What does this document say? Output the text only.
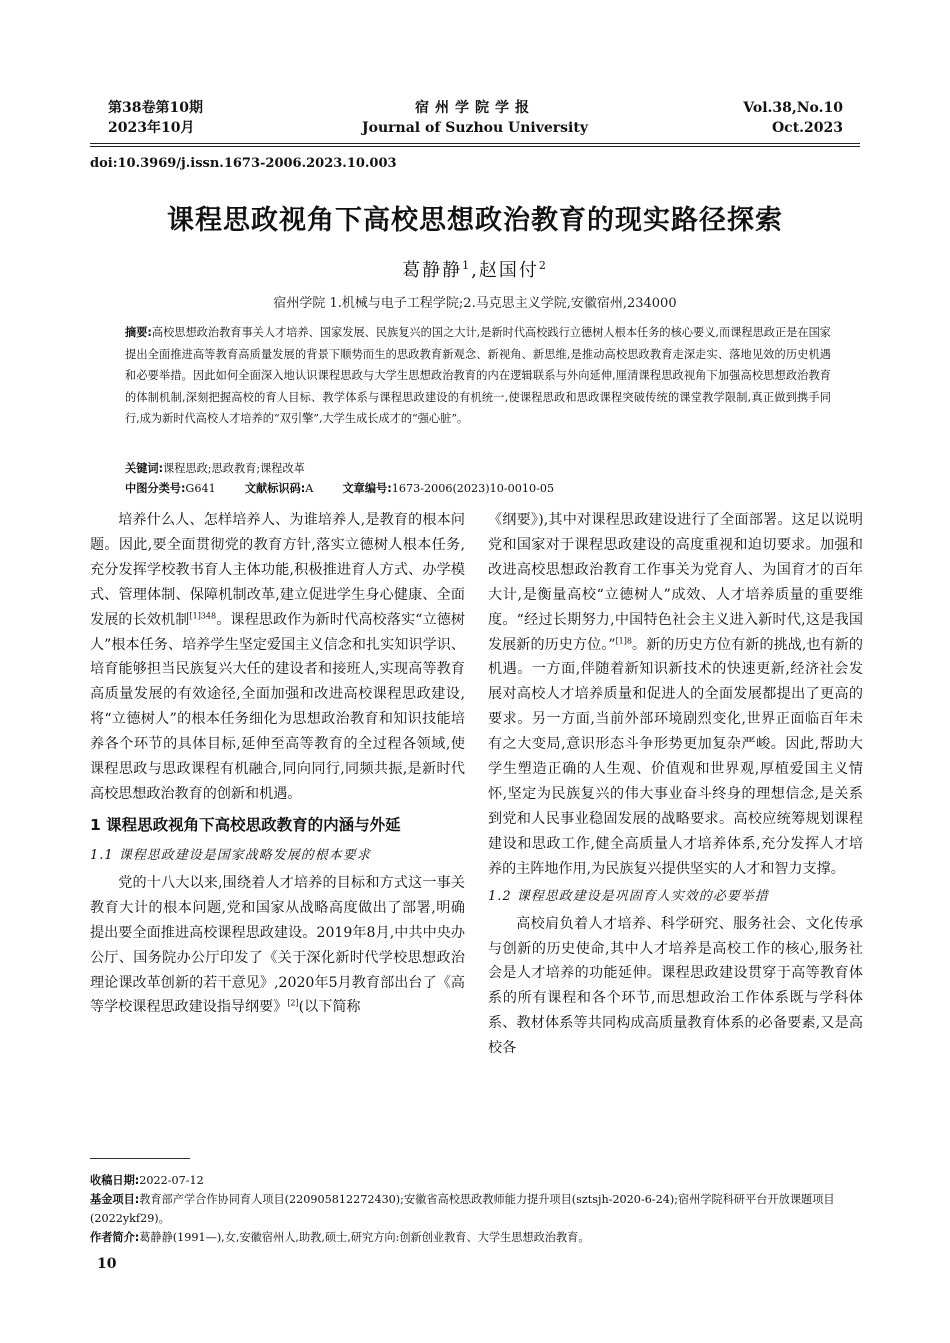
第38卷第10期
2023年10月
宿州学院学报
Journal of Suzhou University
Vol.38,No.10
Oct.2023
doi:10.3969/j.issn.1673-2006.2023.10.003
课程思政视角下高校思想政治教育的现实路径探索
葛静静$^1$,赵国付$^2$
宿州学院 1.机械与电子工程学院;2.马克思主义学院,安徽宿州,234000
摘要:高校思想政治教育事关人才培养、国家发展、民族复兴的国之大计,是新时代高校践行立德树人根本任务的核心要义,而课程思政正是在国家提出全面推进高等教育高质量发展的背景下顺势而生的思政教育新观念、新视角、新思维,是推动高校思政教育走深走实、落地见效的历史机遇和必要举措。因此如何全面深入地认识课程思政与大学生思想政治教育的内在逻辑联系与外向延伸,厘清课程思政视角下加强高校思想政治教育的体制机制,深刻把握高校的育人目标、教学体系与课程思政建设的有机统一,使课程思政和思政课程突破传统的课堂教学限制,真正做到携手同行,成为新时代高校人才培养的“双引擎”,大学生成长成才的“强心脏”。
关键词:课程思政;思政教育;课程改革
中图分类号:G641	文献标识码:A	文章编号:1673-2006(2023)10-0010-05

培养什么人、怎样培养人、为谁培养人,是教育的根本问题。因此,要全面贯彻党的教育方针,落实立德树人根本任务,充分发挥学校教书育人主体功能,积极推进育人方式、办学模式、管理体制、保障机制改革,建立促进学生身心健康、全面发展的长效机制$^{[1]348}$。课程思政作为新时代高校落实“立德树人”根本任务、培养学生坚定爱国主义信念和扎实知识学识、培育能够担当民族复兴大任的建设者和接班人,实现高等教育高质量发展的有效途径,全面加强和改进高校课程思政建设,将“立德树人”的根本任务细化为思想政治教育和知识技能培养各个环节的具体目标,延伸至高等教育的全过程各领域,使课程思政与思政课程有机融合,同向同行,同频共振,是新时代高校思想政治教育的创新和机遇。

1 课程思政视角下高校思政教育的内涵与外延
1.1 课程思政建设是国家战略发展的根本要求

党的十八大以来,围绕着人才培养的目标和方式这一事关教育大计的根本问题,党和国家从战略高度做出了部署,明确提出要全面推进高校课程思政建设。2019年8月,中共中央办公厅、国务院办公厅印发了《关于深化新时代学校思想政治理论课改革创新的若干意见》,2020年5月教育部出台了《高等学校课程思政建设指导纲要》[2](以下简称

《纲要》),其中对课程思政建设进行了全面部署。这足以说明党和国家对于课程思政建设的高度重视和迫切要求。加强和改进高校思想政治教育工作事关为党育人、为国育才的百年大计,是衡量高校“立德树人”成效、人才培养质量的重要维度。“经过长期努力,中国特色社会主义进入新时代,这是我国发展新的历史方位。”$^{[1]8}$。新的历史方位有新的挑战,也有新的机遇。一方面,伴随着新知识新技术的快速更新,经济社会发展对高校人才培养质量和促进人的全面发展都提出了更高的要求。另一方面,当前外部环境剧烈变化,世界正面临百年未有之大变局,意识形态斗争形势更加复杂严峻。因此,帮助大学生塑造正确的人生观、价值观和世界观,厚植爱国主义情怀,坚定为民族复兴的伟大事业奋斗终身的理想信念,是关系到党和人民事业稳固发展的战略要求。高校应统筹规划课程建设和思政工作,健全高质量人才培养体系,充分发挥人才培养的主阵地作用,为民族复兴提供坚实的人才和智力支撑。

1.2 课程思政建设是巩固育人实效的必要举措

高校肩负着人才培养、科学研究、服务社会、文化传承与创新的历史使命,其中人才培养是高校工作的核心,服务社会是人才培养的功能延伸。课程思政建设贯穿于高等教育体系的所有课程和各个环节,而思想政治工作体系既与学科体系、教材体系等共同构成高质量教育体系的必备要素,又是高校各

收稿日期:2022-07-12
基金项目:教育部产学合作协同育人项目(220905812272430);安徽省高校思政教师能力提升项目(sztsjh-2020-6-24);宿州学院科研平台开放课题项目(2022ykf29)。
作者简介:葛静静(1991—),女,安徽宿州人,助教,硕士,研究方向:创新创业教育、大学生思想政治教育。
10
